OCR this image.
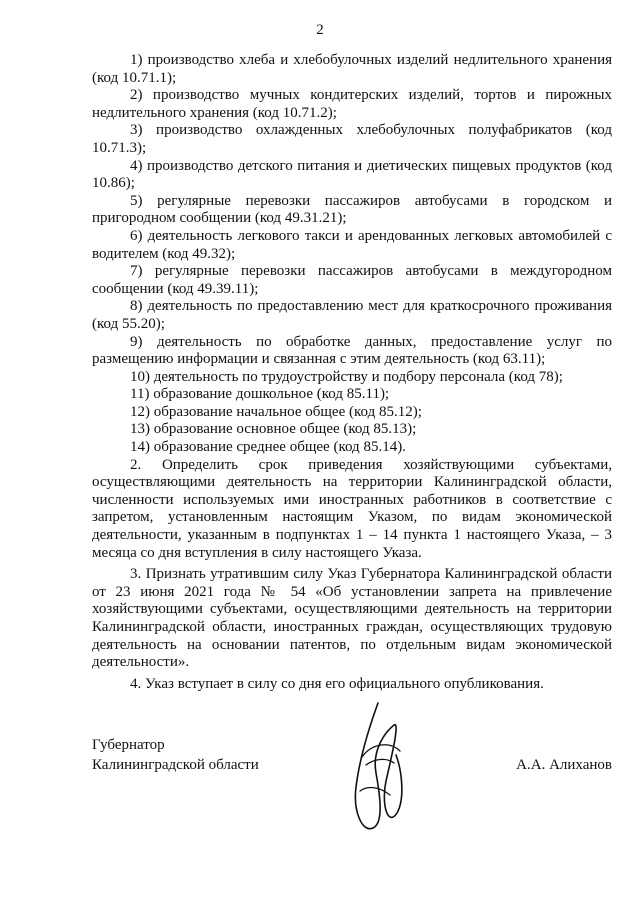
2

1) производство хлеба и хлебобулочных изделий недлительного хранения (код 10.71.1);

2) производство мучных кондитерских изделий, тортов и пирожных недлительного хранения (код 10.71.2);

3) производство охлажденных хлебобулочных полуфабрикатов (код 10.71.3);

4) производство детского питания и диетических пищевых продуктов (код 10.86);

5) регулярные перевозки пассажиров автобусами в городском и пригородном сообщении (код 49.31.21);

6) деятельность легкового такси и арендованных легковых автомобилей с водителем (код 49.32);

7) регулярные перевозки пассажиров автобусами в междугородном сообщении (код 49.39.11);

8) деятельность по предоставлению мест для краткосрочного проживания (код 55.20);

9) деятельность по обработке данных, предоставление услуг по размещению информации и связанная с этим деятельность (код 63.11);

10) деятельность по трудоустройству и подбору персонала (код 78);

11) образование дошкольное (код 85.11);

12) образование начальное общее (код 85.12);

13) образование основное общее (код 85.13);

14) образование среднее общее (код 85.14).

2. Определить срок приведения хозяйствующими субъектами, осуществляющими деятельность на территории Калининградской области, численности используемых ими иностранных работников в соответствие с запретом, установленным настоящим Указом, по видам экономической деятельности, указанным в подпунктах 1 – 14 пункта 1 настоящего Указа, – 3 месяца со дня вступления в силу настоящего Указа.

3. Признать утратившим силу Указ Губернатора Калининградской области от 23 июня 2021 года № 54 «Об установлении запрета на привлечение хозяйствующими субъектами, осуществляющими деятельность на территории Калининградской области, иностранных граждан, осуществляющих трудовую деятельность на основании патентов, по отдельным видам экономической деятельности».

4. Указ вступает в силу со дня его официального опубликования.

Губернатор
Калининградской области	А.А. Алиханов
